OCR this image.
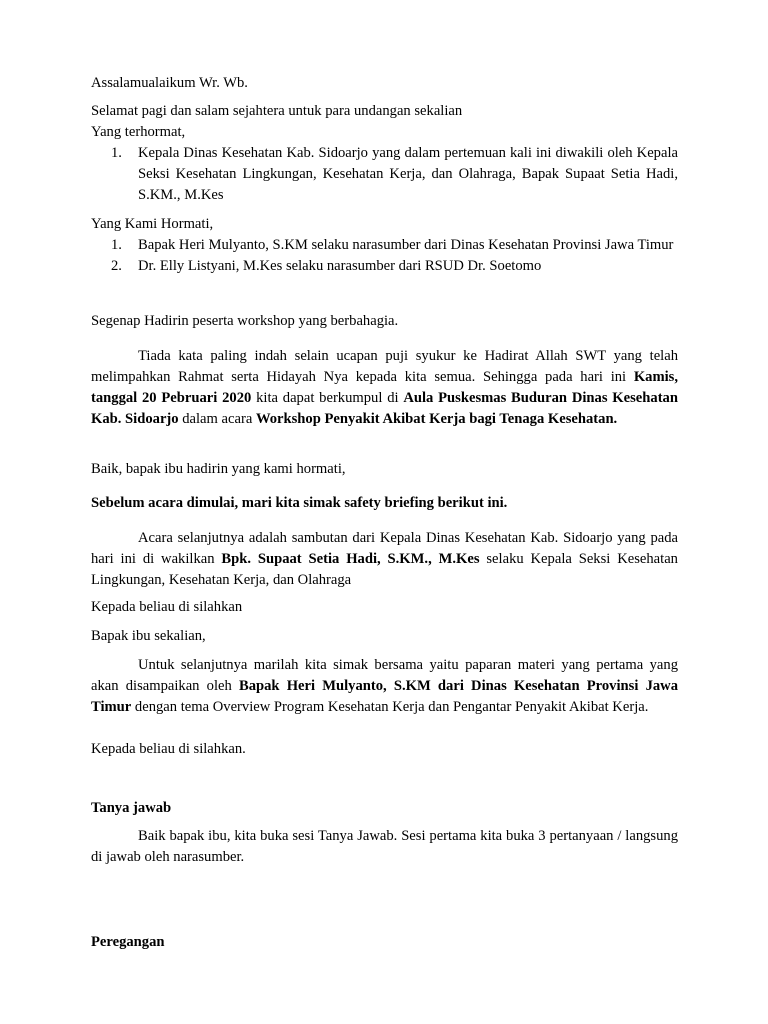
Assalamualaikum Wr. Wb.

Selamat pagi dan salam sejahtera untuk para undangan sekalian

Yang terhormat,

1. Kepala Dinas Kesehatan Kab. Sidoarjo yang dalam pertemuan kali ini diwakili oleh Kepala Seksi Kesehatan Lingkungan, Kesehatan Kerja, dan Olahraga, Bapak Supaat Setia Hadi, S.KM., M.Kes

Yang Kami Hormati,

1. Bapak Heri Mulyanto, S.KM selaku narasumber dari Dinas Kesehatan Provinsi Jawa Timur
2. Dr. Elly Listyani, M.Kes selaku narasumber dari RSUD Dr. Soetomo

Segenap Hadirin peserta workshop yang berbahagia.

Tiada kata paling indah selain ucapan puji syukur ke Hadirat Allah SWT yang telah melimpahkan Rahmat serta Hidayah Nya kepada kita semua. Sehingga pada hari ini Kamis, tanggal 20 Pebruari 2020 kita dapat berkumpul di Aula Puskesmas Buduran Dinas Kesehatan Kab. Sidoarjo dalam acara Workshop Penyakit Akibat Kerja bagi Tenaga Kesehatan.

Baik, bapak ibu hadirin yang kami hormati,

Sebelum acara dimulai, mari kita simak safety briefing berikut ini.

Acara selanjutnya adalah sambutan dari Kepala Dinas Kesehatan Kab. Sidoarjo yang pada hari ini di wakilkan Bpk. Supaat Setia Hadi, S.KM., M.Kes selaku Kepala Seksi Kesehatan Lingkungan, Kesehatan Kerja, dan Olahraga

Kepada beliau di silahkan

Bapak ibu sekalian,

Untuk selanjutnya marilah kita simak bersama yaitu paparan materi yang pertama yang akan disampaikan oleh Bapak Heri Mulyanto, S.KM dari Dinas Kesehatan Provinsi Jawa Timur dengan tema Overview Program Kesehatan Kerja dan Pengantar Penyakit Akibat Kerja.

Kepada beliau di silahkan.

Tanya jawab

Baik bapak ibu, kita buka sesi Tanya Jawab. Sesi pertama kita buka 3 pertanyaan / langsung di jawab oleh narasumber.

Peregangan
